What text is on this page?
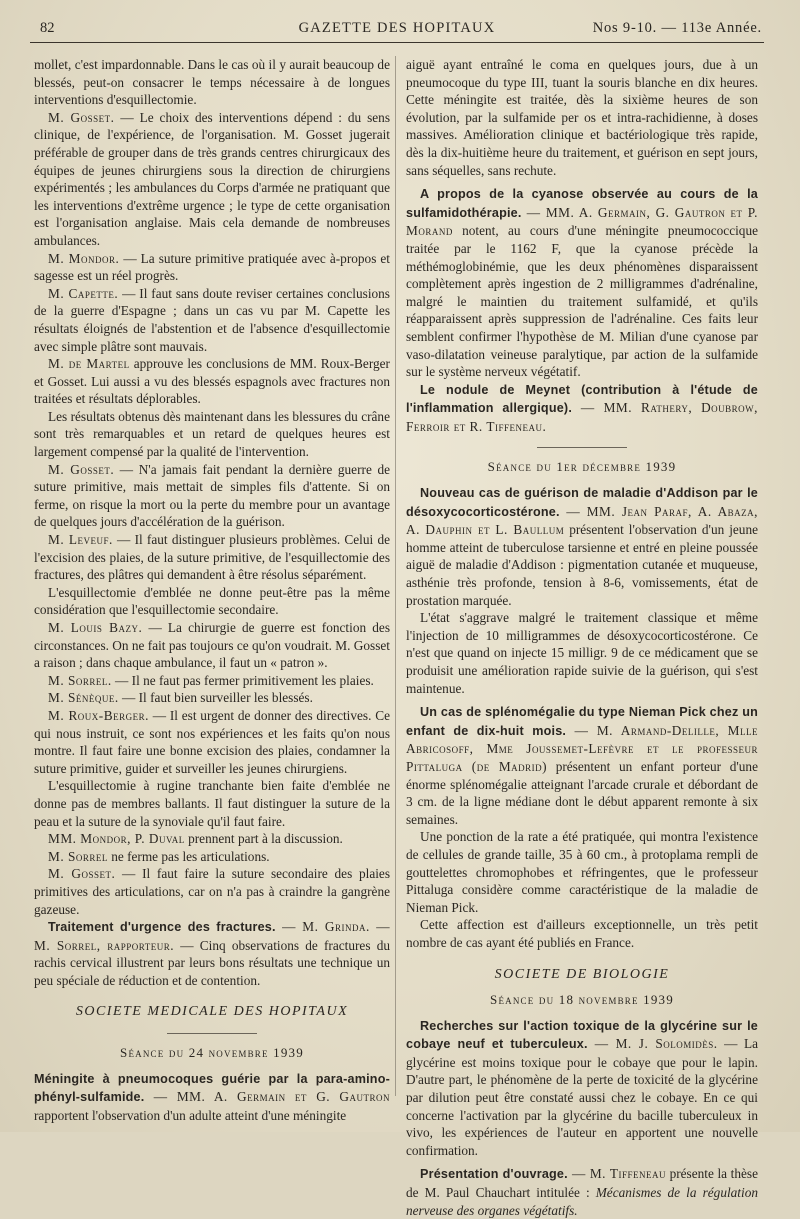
82	GAZETTE DES HOPITAUX	Nos 9-10. — 113e Année.

mollet, c'est impardonnable. Dans le cas où il y aurait beaucoup de blessés, peut-on consacrer le temps nécessaire à de longues interventions d'esquillectomie.

M. Gosset. — Le choix des interventions dépend : du sens clinique, de l'expérience, de l'organisation. M. Gosset jugerait préférable de grouper dans de très grands centres chirurgicaux des équipes de jeunes chirurgiens sous la direction de chirurgiens expérimentés ; les ambulances du Corps d'armée ne pratiquant que les interventions d'extrême urgence ; le type de cette organisation est l'organisation anglaise. Mais cela demande de nombreuses ambulances.

M. Mondor. — La suture primitive pratiquée avec à-propos et sagesse est un réel progrès.

M. Capette. — Il faut sans doute reviser certaines conclusions de la guerre d'Espagne ; dans un cas vu par M. Capette les résultats éloignés de l'abstention et de l'absence d'esquillectomie avec simple plâtre sont mauvais.

M. de Martel approuve les conclusions de MM. Roux-Berger et Gosset. Lui aussi a vu des blessés espagnols avec fractures non traitées et résultats déplorables.

Les résultats obtenus dès maintenant dans les blessures du crâne sont très remarquables et un retard de quelques heures est largement compensé par la qualité de l'intervention.

M. Gosset. — N'a jamais fait pendant la dernière guerre de suture primitive, mais mettait de simples fils d'attente. Si on ferme, on risque la mort ou la perte du membre pour un avantage de quelques jours d'accélération de la guérison.

M. Leveuf. — Il faut distinguer plusieurs problèmes. Celui de l'excision des plaies, de la suture primitive, de l'esquillectomie des fractures, des plâtres qui demandent à être résolus séparément.

L'esquillectomie d'emblée ne donne peut-être pas la même considération que l'esquillectomie secondaire.

M. Louis Bazy. — La chirurgie de guerre est fonction des circonstances. On ne fait pas toujours ce qu'on voudrait. M. Gosset a raison ; dans chaque ambulance, il faut un « patron ».

M. Sorrel. — Il ne faut pas fermer primitivement les plaies.

M. Sénèque. — Il faut bien surveiller les blessés.

M. Roux-Berger. — Il est urgent de donner des directives. Ce qui nous instruit, ce sont nos expériences et les faits qu'on nous montre. Il faut faire une bonne excision des plaies, condamner la suture primitive, guider et surveiller les jeunes chirurgiens.

L'esquillectomie à rugine tranchante bien faite d'emblée ne donne pas de membres ballants. Il faut distinguer la suture de la peau et la suture de la synoviale qu'il faut faire.

MM. Mondor, P. Duval prennent part à la discussion.

M. Sorrel ne ferme pas les articulations.

M. Gosset. — Il faut faire la suture secondaire des plaies primitives des articulations, car on n'a pas à craindre la gangrène gazeuse.

Traitement d'urgence des fractures. — M. Grinda. — M. Sorrel, rapporteur. — Cinq observations de fractures du rachis cervical illustrent par leurs bons résultats une technique un peu spéciale de réduction et de contention.

SOCIETE MEDICALE DES HOPITAUX

Séance du 24 novembre 1939

Méningite à pneumocoques guérie par la para-amino-phényl-sulfamide. — MM. A. Germain et G. Gautron rapportent l'observation d'un adulte atteint d'une méningite

aiguë ayant entraîné le coma en quelques jours, due à un pneumocoque du type III, tuant la souris blanche en dix heures. Cette méningite est traitée, dès la sixième heures de son évolution, par la sulfamide per os et intra-rachidienne, à doses massives. Amélioration clinique et bactériologique très rapide, dès la dix-huitième heure du traitement, et guérison en sept jours, sans séquelles, sans rechute.

A propos de la cyanose observée au cours de la sulfamidothérapie. — MM. A. Germain, G. Gautron et P. Morand notent, au cours d'une méningite pneumococcique traitée par le 1162 F, que la cyanose précède la méthémoglobinémie, que les deux phénomènes disparaissent complètement après ingestion de 2 milligrammes d'adrénaline, malgré le maintien du traitement sulfamidé, et qu'ils réapparaissent après suppression de l'adrénaline. Ces faits leur semblent confirmer l'hypothèse de M. Milian d'une cyanose par vaso-dilatation veineuse paralytique, par action de la sulfamide sur le système nerveux végétatif.

Le nodule de Meynet (contribution à l'étude de l'inflammation allergique). — MM. Rathery, Doubrow, Ferroir et R. Tiffeneau.

Séance du 1er décembre 1939

Nouveau cas de guérison de maladie d'Addison par le désoxycocorticostérone. — MM. Jean Paraf, A. Abaza, A. Dauphin et L. Baullum présentent l'observation d'un jeune homme atteint de tuberculose tarsienne et entré en pleine poussée aiguë de maladie d'Addison : pigmentation cutanée et muqueuse, asthénie très profonde, tension à 8-6, vomissements, état de prostation marquée.

L'état s'aggrave malgré le traitement classique et même l'injection de 10 milligrammes de désoxycocorticostérone. Ce n'est que quand on injecte 15 milligr. 9 de ce médicament que se produisit une amélioration rapide suivie de la guérison, qui s'est maintenue.

Un cas de splénomégalie du type Nieman Pick chez un enfant de dix-huit mois. — M. Armand-Delille, Mlle Abricosoff, Mme Joussemet-Lefèvre et le professeur Pittaluga (de Madrid) présentent un enfant porteur d'une énorme splénomégalie atteignant l'arcade crurale et débordant de 3 cm. de la ligne médiane dont le début apparent remonte à six semaines.

Une ponction de la rate a été pratiquée, qui montra l'existence de cellules de grande taille, 35 à 60 cm., à protoplama rempli de gouttelettes chromophobes et réfringentes, que le professeur Pittaluga considère comme caractéristique de la maladie de Nieman Pick.

Cette affection est d'ailleurs exceptionnelle, un très petit nombre de cas ayant été publiés en France.

SOCIETE DE BIOLOGIE

Séance du 18 novembre 1939

Recherches sur l'action toxique de la glycérine sur le cobaye neuf et tuberculeux. — M. J. Solomidès. — La glycérine est moins toxique pour le cobaye que pour le lapin. D'autre part, le phénomène de la perte de toxicité de la glycérine par dilution peut être constaté aussi chez le cobaye. En ce qui concerne l'activation par la glycérine du bacille tuberculeux in vivo, les expériences de l'auteur en apportent une nouvelle confirmation.

Présentation d'ouvrage. — M. Tiffeneau présente la thèse de M. Paul Chauchart intitulée : Mécanismes de la régulation nerveuse des organes végétatifs.
